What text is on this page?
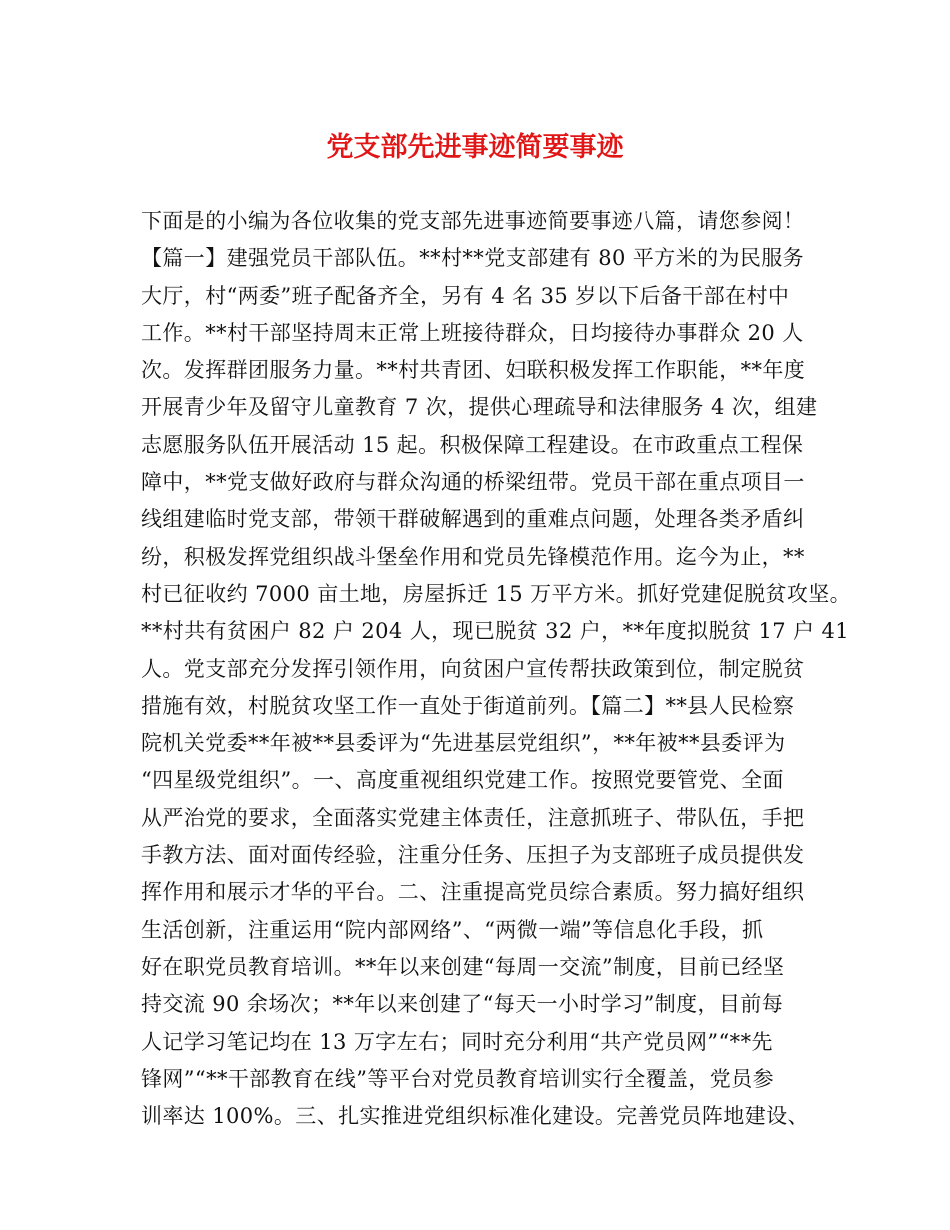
党支部先进事迹简要事迹
下面是的小编为各位收集的党支部先进事迹简要事迹八篇，请您参阅！
【篇一】建强党员干部队伍。**村**党支部建有 80 平方米的为民服务
大厅，村“两委”班子配备齐全，另有 4 名 35 岁以下后备干部在村中
工作。**村干部坚持周末正常上班接待群众，日均接待办事群众 20 人
次。发挥群团服务力量。**村共青团、妇联积极发挥工作职能，**年度
开展青少年及留守儿童教育 7 次，提供心理疏导和法律服务 4 次，组建
志愿服务队伍开展活动 15 起。积极保障工程建设。在市政重点工程保
障中，**党支做好政府与群众沟通的桥梁纽带。党员干部在重点项目一
线组建临时党支部，带领干群破解遇到的重难点问题，处理各类矛盾纠
纷，积极发挥党组织战斗堡垒作用和党员先锋模范作用。迄今为止，**
村已征收约 7000 亩土地，房屋拆迁 15 万平方米。抓好党建促脱贫攻坚。
**村共有贫困户 82 户 204 人，现已脱贫 32 户，**年度拟脱贫 17 户 41
人。党支部充分发挥引领作用，向贫困户宣传帮扶政策到位，制定脱贫
措施有效，村脱贫攻坚工作一直处于街道前列。【篇二】**县人民检察
院机关党委**年被**县委评为“先进基层党组织”，**年被**县委评为
“四星级党组织”。一、高度重视组织党建工作。按照党要管党、全面
从严治党的要求，全面落实党建主体责任，注意抓班子、带队伍，手把
手教方法、面对面传经验，注重分任务、压担子为支部班子成员提供发
挥作用和展示才华的平台。二、注重提高党员综合素质。努力搞好组织
生活创新，注重运用“院内部网络”、“两微一端”等信息化手段，抓
好在职党员教育培训。**年以来创建“每周一交流”制度，目前已经坚
持交流 90 余场次；**年以来创建了“每天一小时学习”制度，目前每
人记学习笔记均在 13 万字左右；同时充分利用“共产党员网”“**先
锋网”“**干部教育在线”等平台对党员教育培训实行全覆盖，党员参
训率达 100%。三、扎实推进党组织标准化建设。完善党员阵地建设、
